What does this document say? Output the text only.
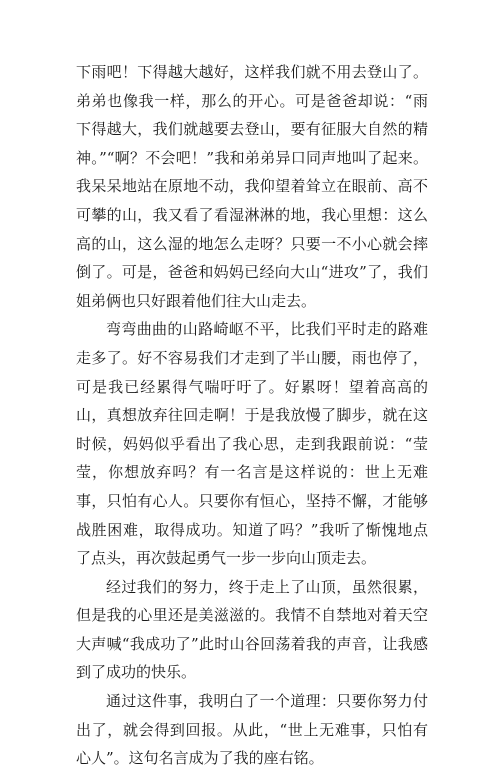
下雨吧！下得越大越好，这样我们就不用去登山了。弟弟也像我一样，那么的开心。可是爸爸却说：“雨下得越大，我们就越要去登山，要有征服大自然的精神。”“啊？不会吧！”我和弟弟异口同声地叫了起来。我呆呆地站在原地不动，我仰望着耸立在眼前、高不可攀的山，我又看了看湿淋淋的地，我心里想：这么高的山，这么湿的地怎么走呀？只要一不小心就会摔倒了。可是，爸爸和妈妈已经向大山“进攻”了，我们姐弟俩也只好跟着他们往大山走去。

弯弯曲曲的山路崎岖不平，比我们平时走的路难走多了。好不容易我们才走到了半山腰，雨也停了，可是我已经累得气喘吁吁了。好累呀！望着高高的山，真想放弃往回走啊！于是我放慢了脚步，就在这时候，妈妈似乎看出了我心思，走到我跟前说：“莹莹，你想放弃吗？有一名言是这样说的：世上无难事，只怕有心人。只要你有恒心，坚持不懈，才能够战胜困难，取得成功。知道了吗？”我听了惭愧地点了点头，再次鼓起勇气一步一步向山顶走去。

经过我们的努力，终于走上了山顶，虽然很累，但是我的心里还是美滋滋的。我情不自禁地对着天空大声喊“我成功了”此时山谷回荡着我的声音，让我感到了成功的快乐。

通过这件事，我明白了一个道理：只要你努力付出了，就会得到回报。从此，“世上无难事，只怕有心人”。这句名言成为了我的座右铭。
